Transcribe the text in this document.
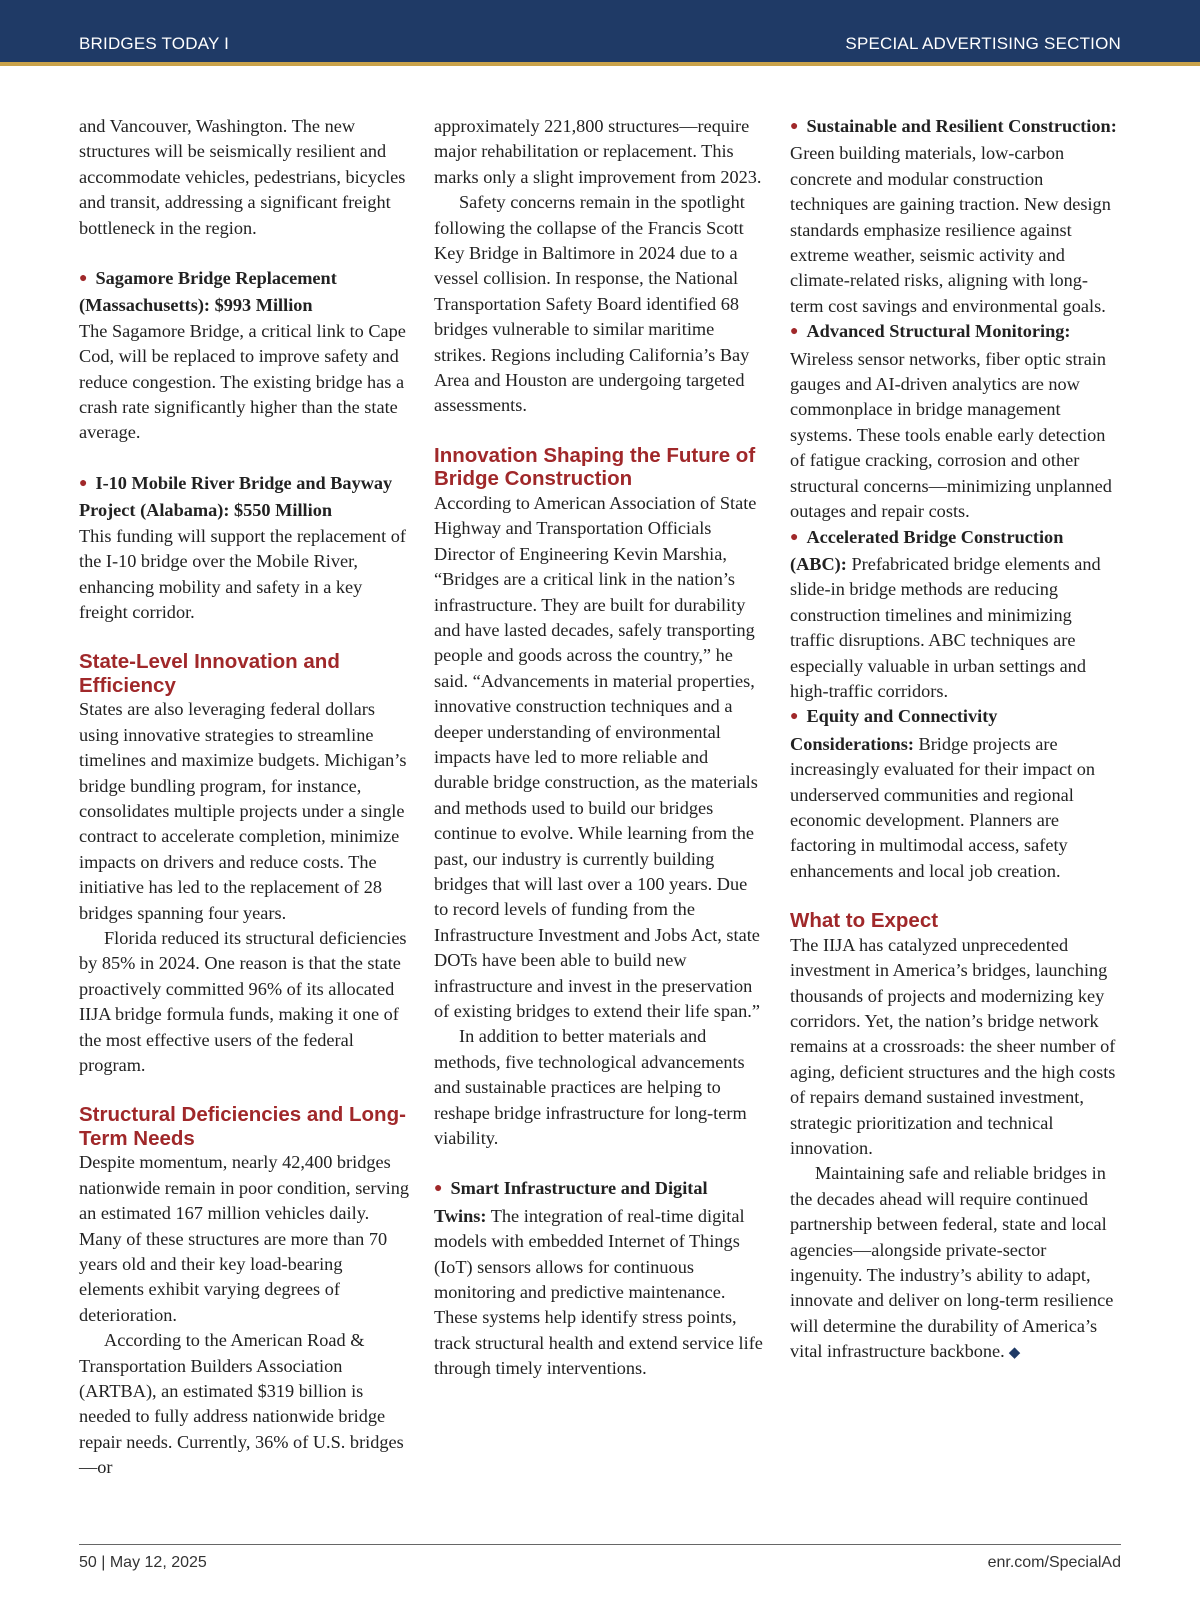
BRIDGES TODAY I	SPECIAL ADVERTISING SECTION

and Vancouver, Washington. The new structures will be seismically resilient and accommodate vehicles, pedestrians, bicycles and transit, addressing a significant freight bottleneck in the region.

● Sagamore Bridge Replacement (Massachusetts): $993 Million

The Sagamore Bridge, a critical link to Cape Cod, will be replaced to improve safety and reduce congestion. The existing bridge has a crash rate significantly higher than the state average.

● I-10 Mobile River Bridge and Bayway Project (Alabama): $550 Million

This funding will support the replacement of the I-10 bridge over the Mobile River, enhancing mobility and safety in a key freight corridor.

State-Level Innovation and Efficiency

States are also leveraging federal dollars using innovative strategies to streamline timelines and maximize budgets. Michigan’s bridge bundling program, for instance, consolidates multiple projects under a single contract to accelerate completion, minimize impacts on drivers and reduce costs. The initiative has led to the replacement of 28 bridges spanning four years.

Florida reduced its structural deficiencies by 85% in 2024. One reason is that the state proactively committed 96% of its allocated IIJA bridge formula funds, making it one of the most effective users of the federal program.

Structural Deficiencies and Long-Term Needs

Despite momentum, nearly 42,400 bridges nationwide remain in poor condition, serving an estimated 167 million vehicles daily. Many of these structures are more than 70 years old and their key load-bearing elements exhibit varying degrees of deterioration.

According to the American Road & Transportation Builders Association (ARTBA), an estimated $319 billion is needed to fully address nationwide bridge repair needs. Currently, 36% of U.S. bridges—or

approximately 221,800 structures—require major rehabilitation or replacement. This marks only a slight improvement from 2023.

Safety concerns remain in the spotlight following the collapse of the Francis Scott Key Bridge in Baltimore in 2024 due to a vessel collision. In response, the National Transportation Safety Board identified 68 bridges vulnerable to similar maritime strikes. Regions including California’s Bay Area and Houston are undergoing targeted assessments.

Innovation Shaping the Future of Bridge Construction

According to American Association of State Highway and Transportation Officials Director of Engineering Kevin Marshia, “Bridges are a critical link in the nation’s infrastructure. They are built for durability and have lasted decades, safely transporting people and goods across the country,” he said. “Advancements in material properties, innovative construction techniques and a deeper understanding of environmental impacts have led to more reliable and durable bridge construction, as the materials and methods used to build our bridges continue to evolve. While learning from the past, our industry is currently building bridges that will last over a 100 years. Due to record levels of funding from the Infrastructure Investment and Jobs Act, state DOTs have been able to build new infrastructure and invest in the preservation of existing bridges to extend their life span.”

In addition to better materials and methods, five technological advancements and sustainable practices are helping to reshape bridge infrastructure for long-term viability.

● Smart Infrastructure and Digital Twins: The integration of real-time digital models with embedded Internet of Things (IoT) sensors allows for continuous monitoring and predictive maintenance. These systems help identify stress points, track structural health and extend service life through timely interventions.

● Sustainable and Resilient Construction: Green building materials, low-carbon concrete and modular construction techniques are gaining traction. New design standards emphasize resilience against extreme weather, seismic activity and climate-related risks, aligning with long-term cost savings and environmental goals.

● Advanced Structural Monitoring: Wireless sensor networks, fiber optic strain gauges and AI-driven analytics are now commonplace in bridge management systems. These tools enable early detection of fatigue cracking, corrosion and other structural concerns—minimizing unplanned outages and repair costs.

● Accelerated Bridge Construction (ABC): Prefabricated bridge elements and slide-in bridge methods are reducing construction timelines and minimizing traffic disruptions. ABC techniques are especially valuable in urban settings and high-traffic corridors.

● Equity and Connectivity Considerations: Bridge projects are increasingly evaluated for their impact on underserved communities and regional economic development. Planners are factoring in multimodal access, safety enhancements and local job creation.

What to Expect

The IIJA has catalyzed unprecedented investment in America’s bridges, launching thousands of projects and modernizing key corridors. Yet, the nation’s bridge network remains at a crossroads: the sheer number of aging, deficient structures and the high costs of repairs demand sustained investment, strategic prioritization and technical innovation.

Maintaining safe and reliable bridges in the decades ahead will require continued partnership between federal, state and local agencies—alongside private-sector ingenuity. The industry’s ability to adapt, innovate and deliver on long-term resilience will determine the durability of America’s vital infrastructure backbone. ◆

50 | May 12, 2025	enr.com/SpecialAd
